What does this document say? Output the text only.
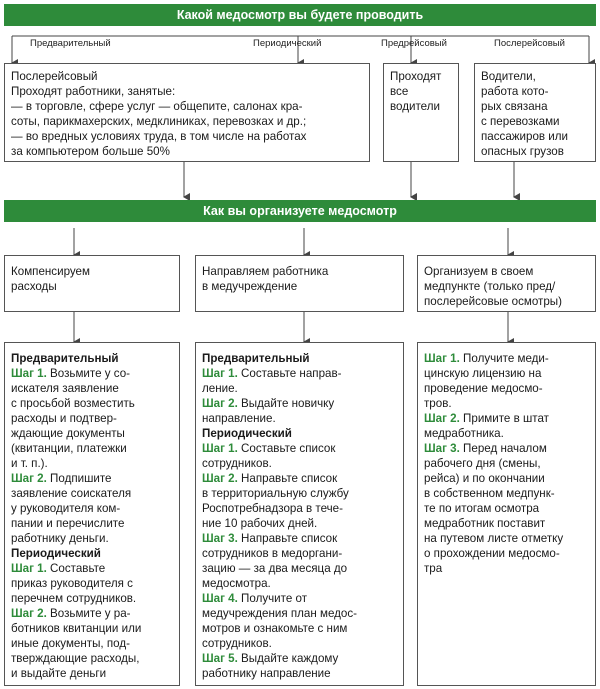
Какой медосмотр вы будете проводить
Предварительный	Периодический	Предрейсовый	Послерейсовый
Послерейсовый
Проходят работники, занятые:
— в торговле, сфере услуг — общепите, салонах кра-
соты, парикмахерских, медклиниках, перевозках и др.;
— во вредных условиях труда, в том числе на работах
за компьютером больше 50%
Проходят
все
водители
Водители,
работа кото-
рых связана
с перевозками
пассажиров или
опасных грузов
Как вы организуете медосмотр
Компенсируем
расходы
Направляем работника
в медучреждение
Организуем в своем
медпункте (только пред/
послерейсовые осмотры)
Предварительный
Шаг 1. Возьмите у со-
искателя заявление
с просьбой возместить
расходы и подтвер-
ждающие документы
(квитанции, платежки
и т. п.).
Шаг 2. Подпишите
заявление соискателя
у руководителя ком-
пании и перечислите
работнику деньги.
Периодический
Шаг 1. Составьте
приказ руководителя с
перечнем сотрудников.
Шаг 2. Возьмите у ра-
ботников квитанции или
иные документы, под-
тверждающие расходы,
и выдайте деньги
Предварительный
Шаг 1. Составьте направ-
ление.
Шаг 2. Выдайте новичку
направление.
Периодический
Шаг 1. Составьте список
сотрудников.
Шаг 2. Направьте список
в территориальную службу
Роспотребнадзора в тече-
ние 10 рабочих дней.
Шаг 3. Направьте список
сотрудников в медоргани-
зацию — за два месяца до
медосмотра.
Шаг 4. Получите от
медучреждения план медос-
мотров и ознакомьте с ним
сотрудников.
Шаг 5. Выдайте каждому
работнику направление
Шаг 1. Получите меди-
цинскую лицензию на
проведение медосмо-
тров.
Шаг 2. Примите в штат
медработника.
Шаг 3. Перед началом
рабочего дня (смены,
рейса) и по окончании
в собственном медпунк-
те по итогам осмотра
медработник поставит
на путевом листе отметку
о прохождении медосмо-
тра
